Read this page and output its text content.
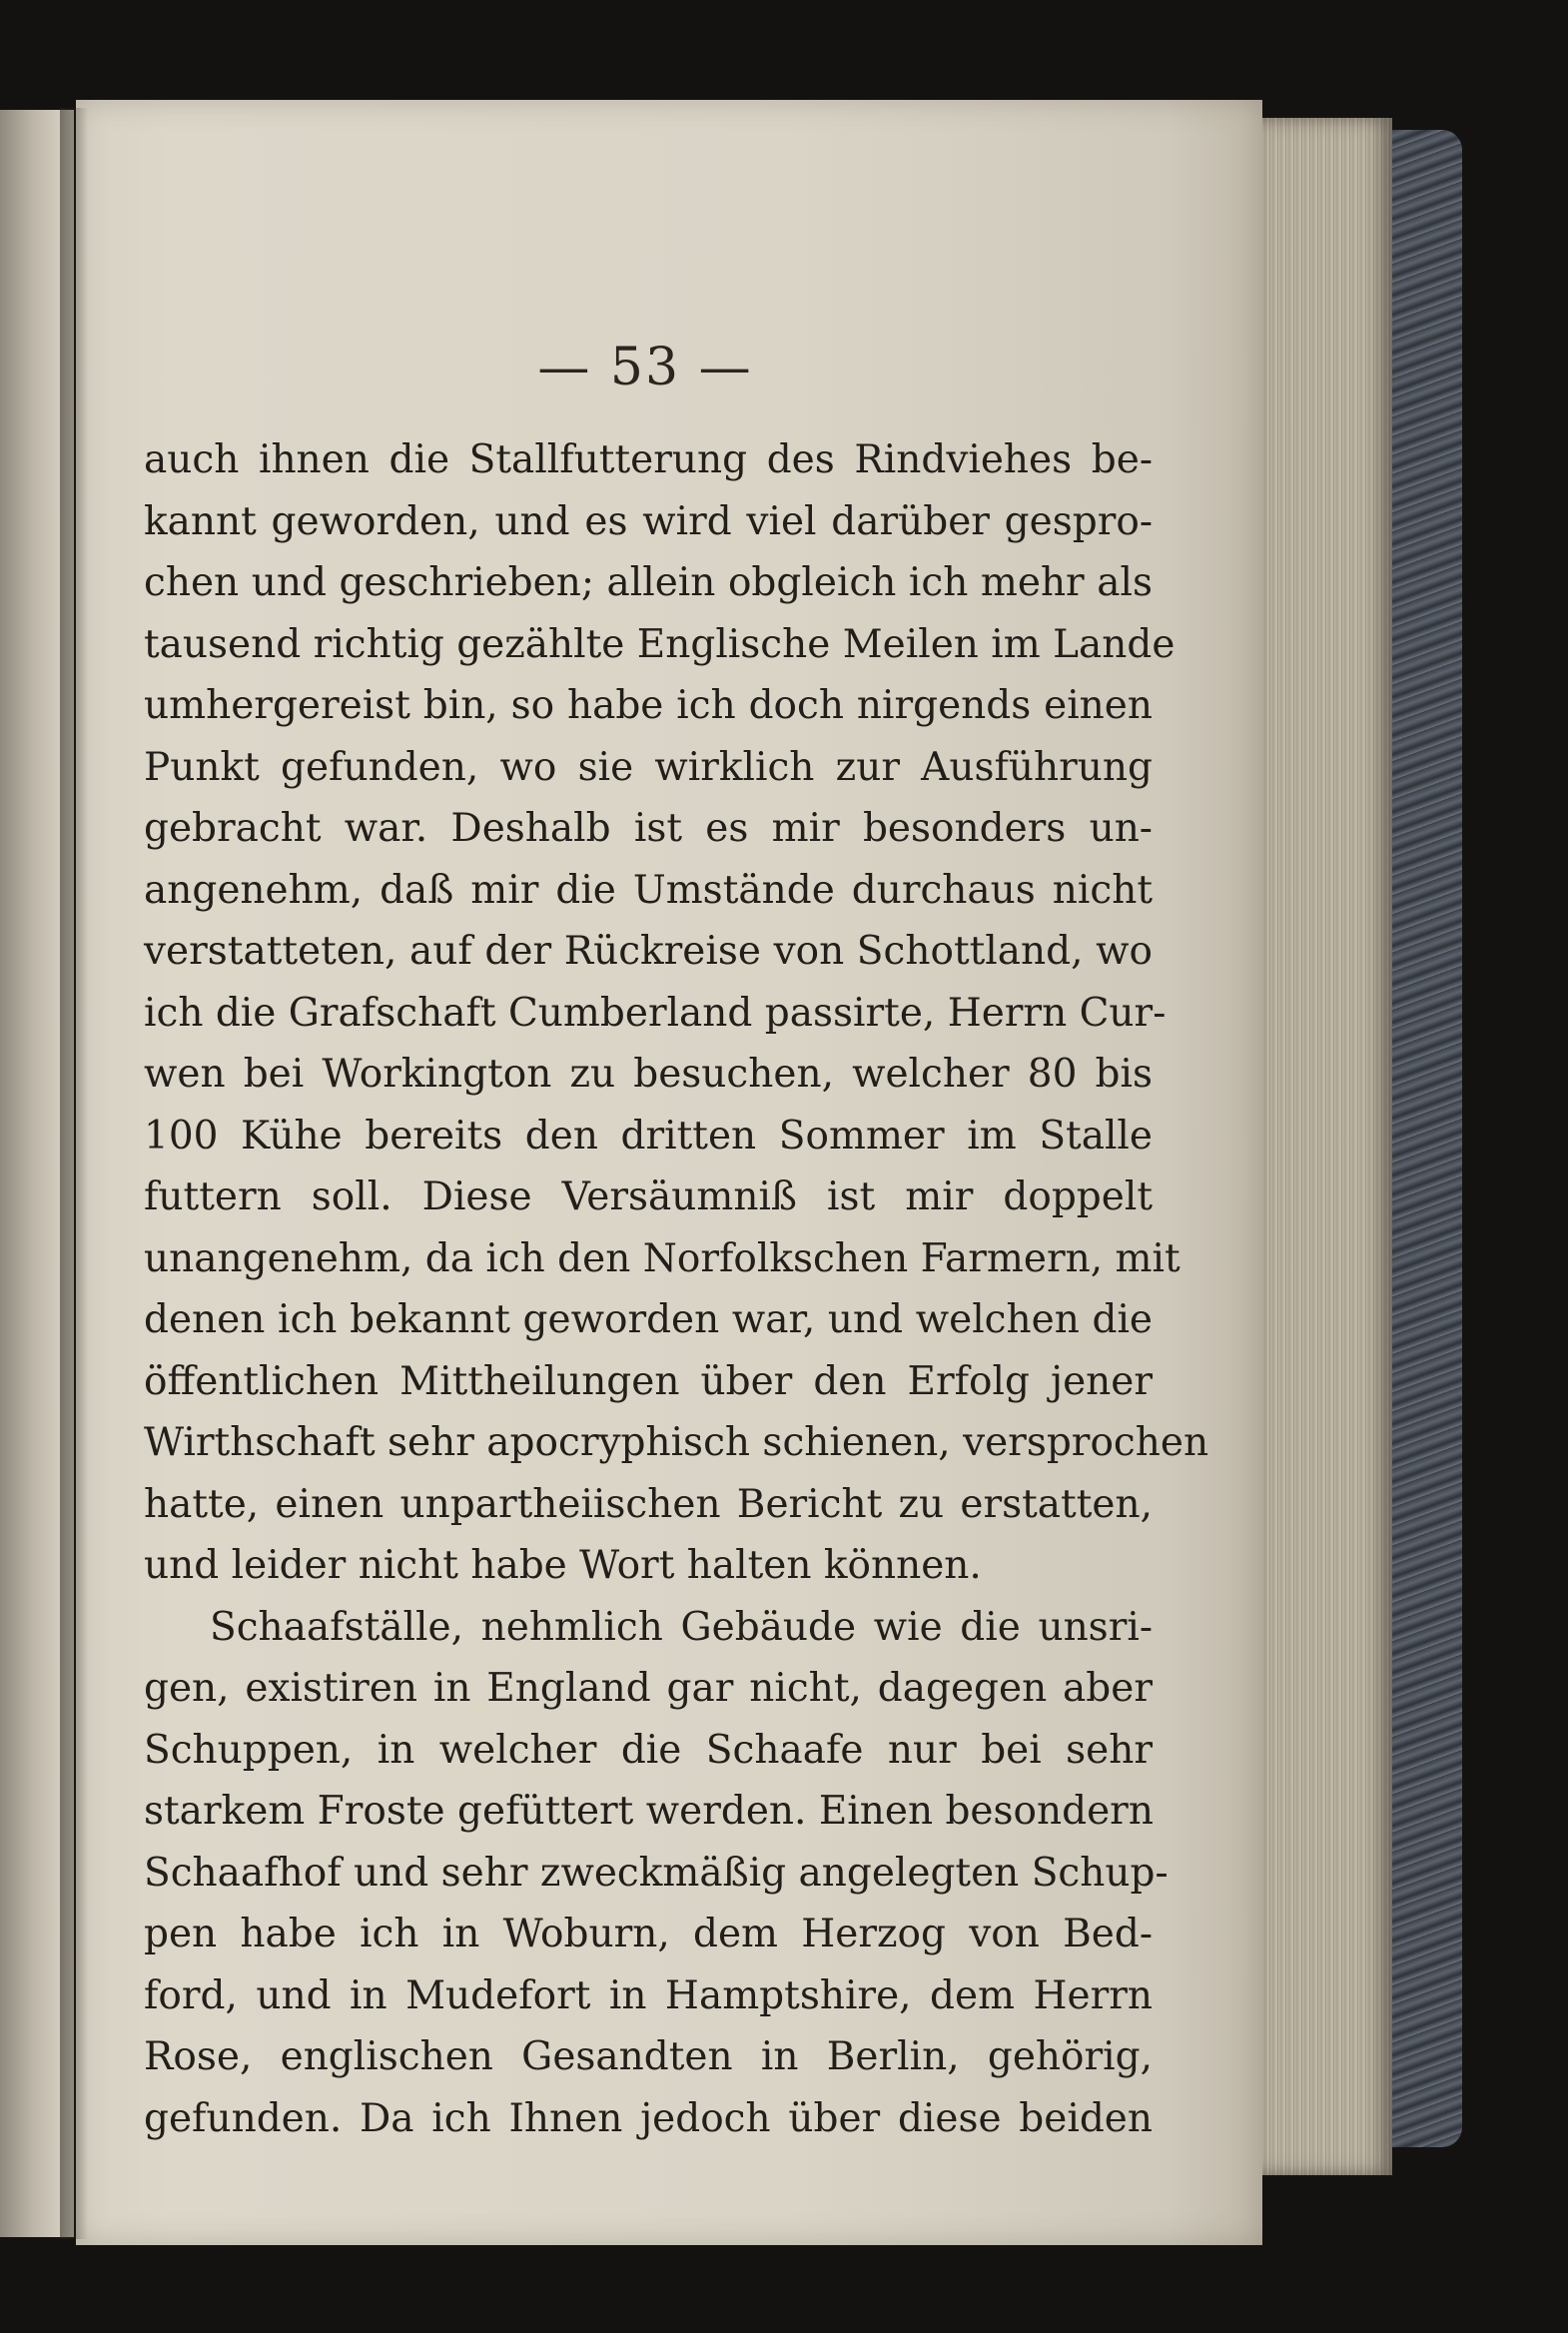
— 53 —
auch ihnen die Stallfutterung des Rindviehes be-
kannt geworden, und es wird viel darüber gespro-
chen und geschrieben; allein obgleich ich mehr als
tausend richtig gezählte Englische Meilen im Lande
umhergereist bin, so habe ich doch nirgends einen
Punkt gefunden, wo sie wirklich zur Ausführung
gebracht war. Deshalb ist es mir besonders un-
angenehm, daß mir die Umstände durchaus nicht
verstatteten, auf der Rückreise von Schottland, wo
ich die Grafschaft Cumberland passirte, Herrn Cur-
wen bei Workington zu besuchen, welcher 80 bis
100 Kühe bereits den dritten Sommer im Stalle
futtern soll. Diese Versäumniß ist mir doppelt
unangenehm, da ich den Norfolkschen Farmern, mit
denen ich bekannt geworden war, und welchen die
öffentlichen Mittheilungen über den Erfolg jener
Wirthschaft sehr apocryphisch schienen, versprochen
hatte, einen unpartheiischen Bericht zu erstatten,
und leider nicht habe Wort halten können.
Schaafställe, nehmlich Gebäude wie die unsri-
gen, existiren in England gar nicht, dagegen aber
Schuppen, in welcher die Schaafe nur bei sehr
starkem Froste gefüttert werden. Einen besondern
Schaafhof und sehr zweckmäßig angelegten Schup-
pen habe ich in Woburn, dem Herzog von Bed-
ford, und in Mudefort in Hamptshire, dem Herrn
Rose, englischen Gesandten in Berlin, gehörig,
gefunden. Da ich Ihnen jedoch über diese beiden
